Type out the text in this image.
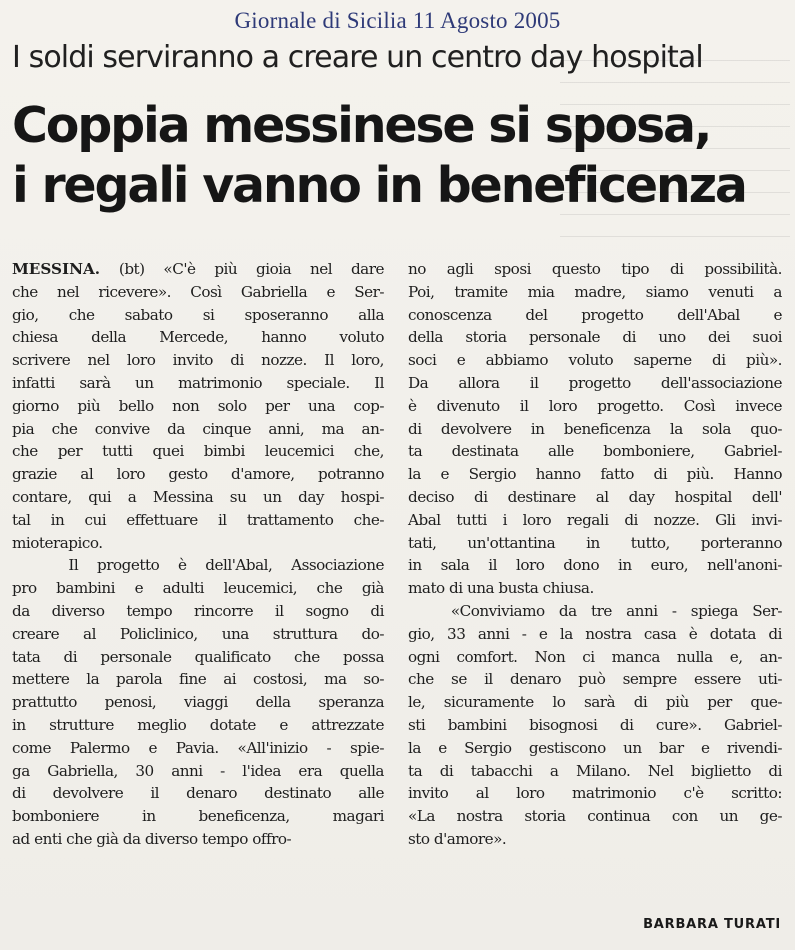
Giornale di Sicilia 11 Agosto 2005
I soldi serviranno a creare un centro day hospital
Coppia messinese si sposa,
i regali vanno in beneficenza
MESSINA. (bt) «C'è più gioia nel dare
che nel ricevere». Così Gabriella e Ser-
gio, che sabato si sposeranno alla
chiesa della Mercede, hanno voluto
scrivere nel loro invito di nozze. Il loro,
infatti sarà un matrimonio speciale. Il
giorno più bello non solo per una cop-
pia che convive da cinque anni, ma an-
che per tutti quei bimbi leucemici che,
grazie al loro gesto d'amore, potranno
contare, qui a Messina su un day hospi-
tal in cui effettuare il trattamento che-
mioterapico.
Il progetto è dell'Abal, Associazione
pro bambini e adulti leucemici, che già
da diverso tempo rincorre il sogno di
creare al Policlinico, una struttura do-
tata di personale qualificato che possa
mettere la parola fine ai costosi, ma so-
prattutto penosi, viaggi della speranza
in strutture meglio dotate e attrezzate
come Palermo e Pavia. «All'inizio - spie-
ga Gabriella, 30 anni - l'idea era quella
di devolvere il denaro destinato alle
bomboniere in beneficenza, magari
ad enti che già da diverso tempo offro-
no agli sposi questo tipo di possibilità.
Poi, tramite mia madre, siamo venuti a
conoscenza del progetto dell'Abal e
della storia personale di uno dei suoi
soci e abbiamo voluto saperne di più».
Da allora il progetto dell'associazione
è divenuto il loro progetto. Così invece
di devolvere in beneficenza la sola quo-
ta destinata alle bomboniere, Gabriel-
la e Sergio hanno fatto di più. Hanno
deciso di destinare al day hospital dell'
Abal tutti i loro regali di nozze. Gli invi-
tati, un'ottantina in tutto, porteranno
in sala il loro dono in euro, nell'anoni-
mato di una busta chiusa.
«Conviviamo da tre anni - spiega Ser-
gio, 33 anni - e la nostra casa è dotata di
ogni comfort. Non ci manca nulla e, an-
che se il denaro può sempre essere uti-
le, sicuramente lo sarà di più per que-
sti bambini bisognosi di cure». Gabriel-
la e Sergio gestiscono un bar e rivendi-
ta di tabacchi a Milano. Nel biglietto di
invito al loro matrimonio c'è scritto:
«La nostra storia continua con un ge-
sto d'amore».
BARBARA TURATI
